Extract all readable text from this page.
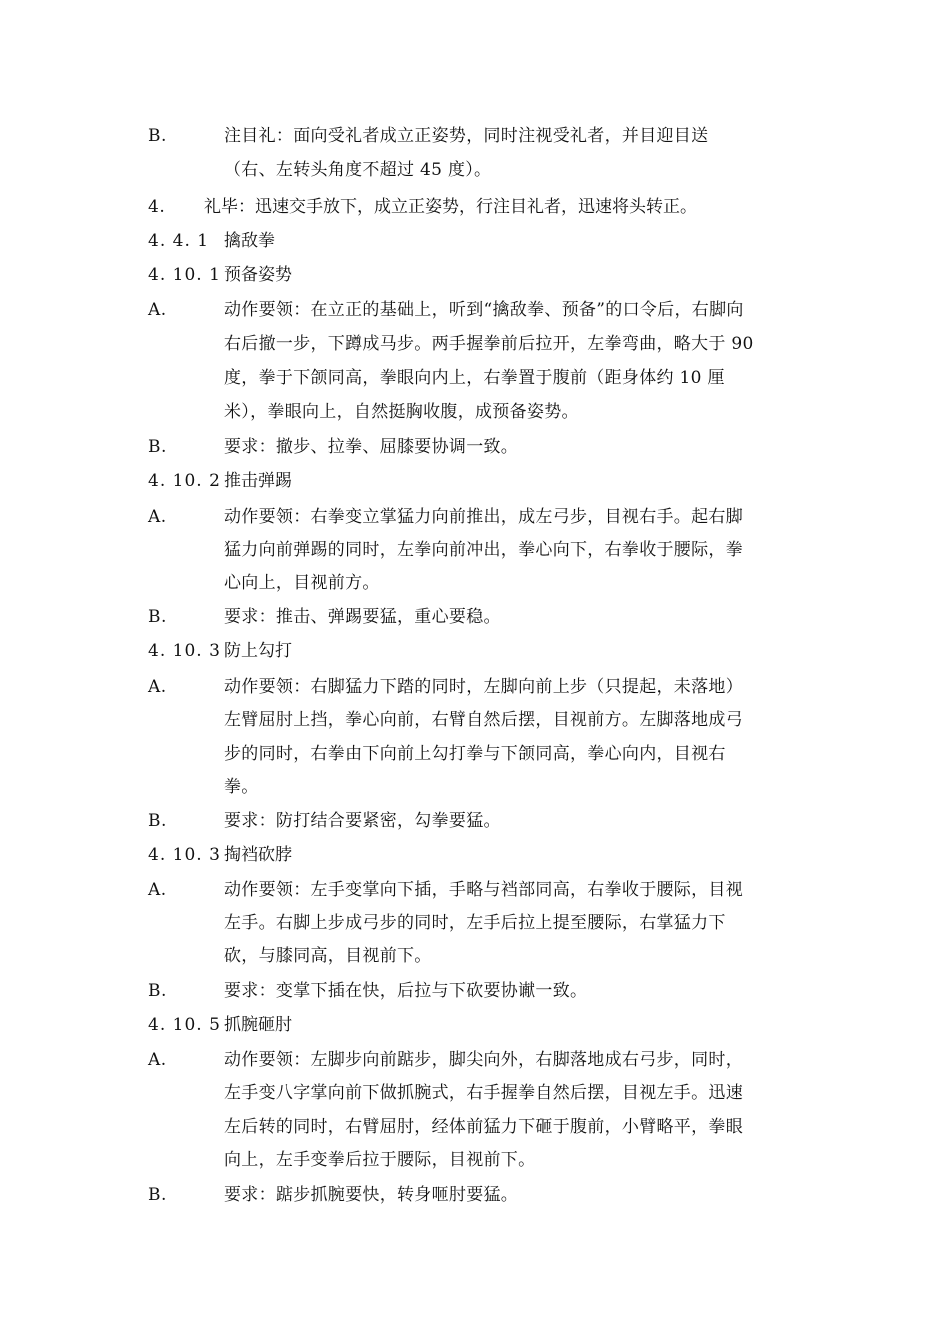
B.	注目礼：面向受礼者成立正姿势，同时注视受礼者，并目迎目送
（右、左转头角度不超过 45 度）。
4. 礼毕：迅速交手放下，成立正姿势，行注目礼者，迅速将头转正。
4. 4. 1 擒敌拳
4. 10. 1 预备姿势
A.	动作要领：在立正的基础上，听到“擒敌拳、预备”的口令后，右脚向
右后撤一步，下蹲成马步。两手握拳前后拉开，左拳弯曲，略大于 90
度，拳于下颌同高，拳眼向内上，右拳置于腹前（距身体约 10 厘
米），拳眼向上，自然挺胸收腹，成预备姿势。
B.	要求：撤步、拉拳、屈膝要协调一致。
4. 10. 2 推击弹踢
A.	动作要领：右拳变立掌猛力向前推出，成左弓步，目视右手。起右脚
猛力向前弹踢的同时，左拳向前冲出，拳心向下，右拳收于腰际，拳
心向上，目视前方。
B.	要求：推击、弹踢要猛，重心要稳。
4. 10. 3 防上勾打
A.	动作要领：右脚猛力下踏的同时，左脚向前上步（只提起，未落地）
左臂屈肘上挡，拳心向前，右臂自然后摆，目视前方。左脚落地成弓
步的同时，右拳由下向前上勾打拳与下颌同高，拳心向内，目视右
拳。
B.	要求：防打结合要紧密，勾拳要猛。
4. 10. 3 掏裆砍脖
A.	动作要领：左手变掌向下插，手略与裆部同高，右拳收于腰际，目视
左手。右脚上步成弓步的同时，左手后拉上提至腰际，右掌猛力下
砍，与膝同高，目视前下。
B.	要求：变掌下插在快，后拉与下砍要协谳一致。
4. 10. 5 抓腕砸肘
A.	动作要领：左脚步向前踮步，脚尖向外，右脚落地成右弓步，同时，
左手变八字掌向前下做抓腕式，右手握拳自然后摆，目视左手。迅速
左后转的同时，右臂屈肘，经体前猛力下砸于腹前，小臂略平，拳眼
向上，左手变拳后拉于腰际，目视前下。
B.	要求：踮步抓腕要快，转身咂肘要猛。
